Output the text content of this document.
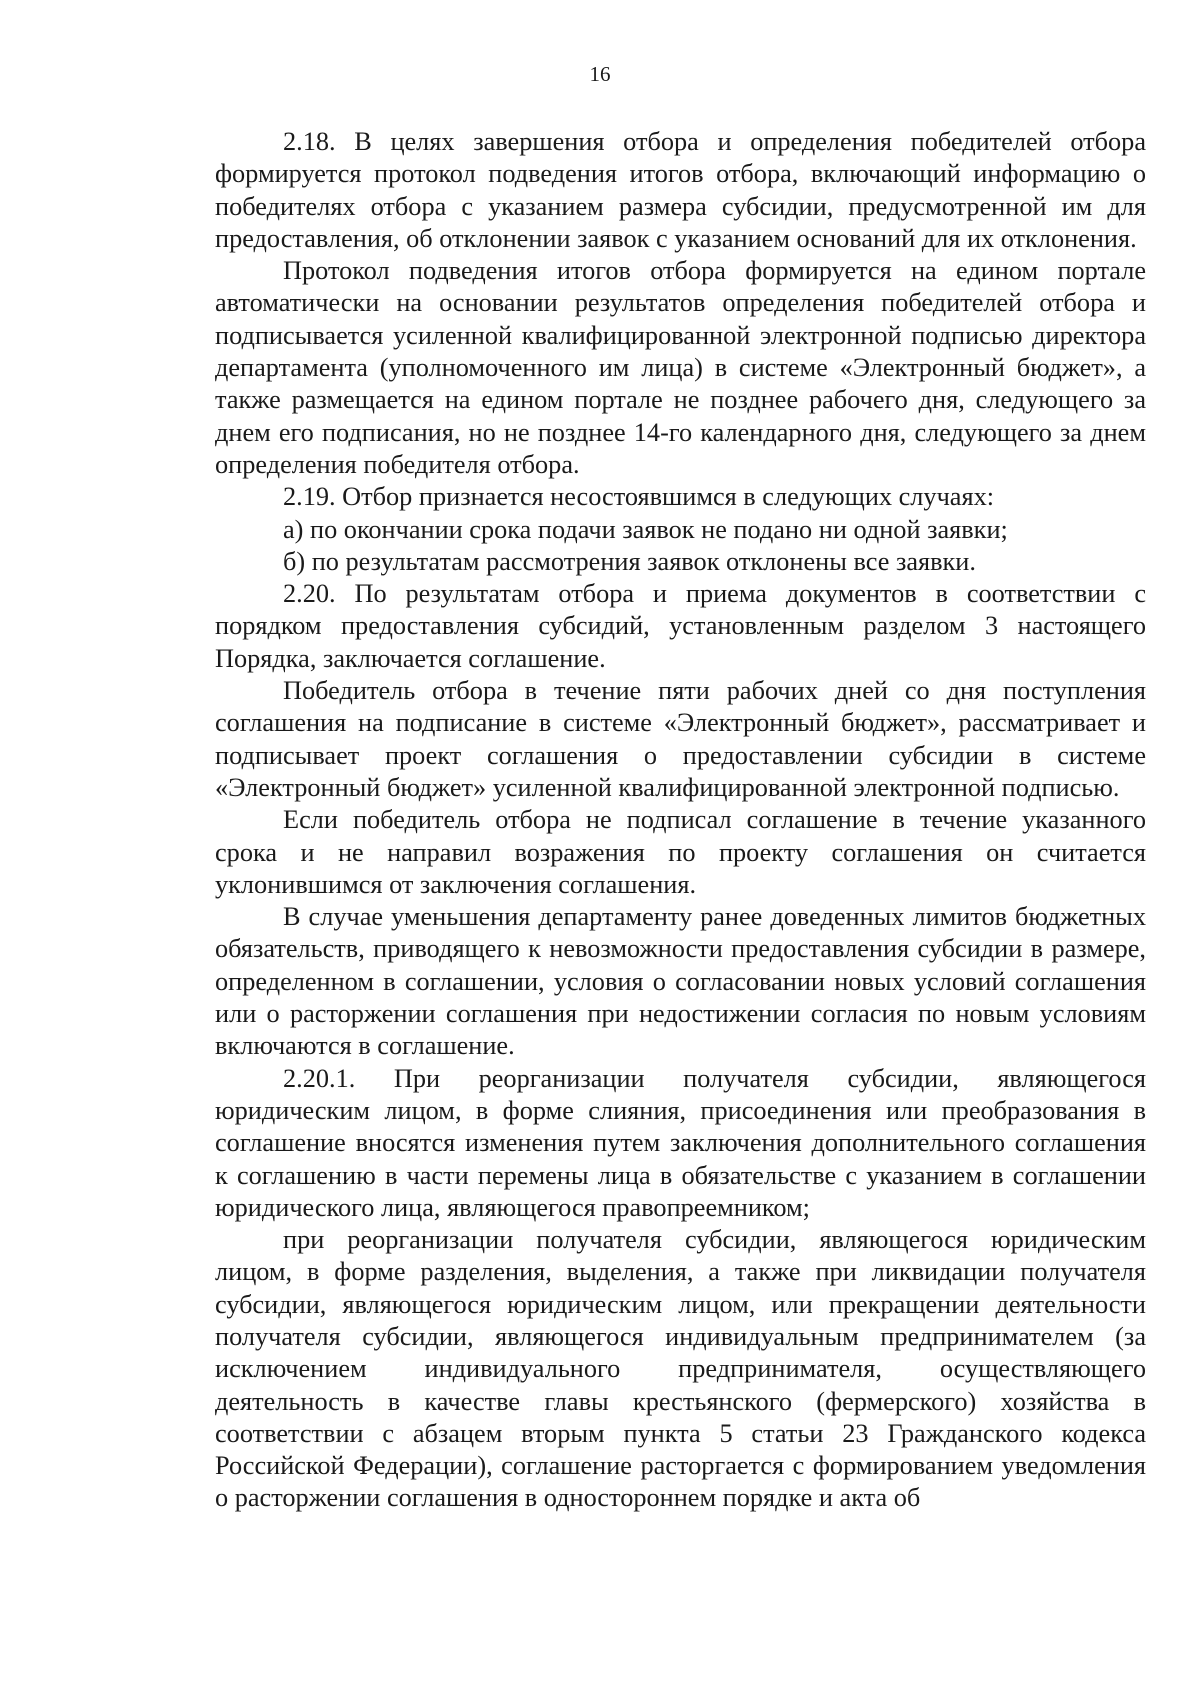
16

2.18. В целях завершения отбора и определения победителей отбора формируется протокол подведения итогов отбора, включающий информацию о победителях отбора с указанием размера субсидии, предусмотренной им для предоставления, об отклонении заявок с указанием оснований для их отклонения.

Протокол подведения итогов отбора формируется на едином портале автоматически на основании результатов определения победителей отбора и подписывается усиленной квалифицированной электронной подписью директора департамента (уполномоченного им лица) в системе «Электронный бюджет», а также размещается на едином портале не позднее рабочего дня, следующего за днем его подписания, но не позднее 14-го календарного дня, следующего за днем определения победителя отбора.

2.19. Отбор признается несостоявшимся в следующих случаях:

а) по окончании срока подачи заявок не подано ни одной заявки;

б) по результатам рассмотрения заявок отклонены все заявки.

2.20. По результатам отбора и приема документов в соответствии с порядком предоставления субсидий, установленным разделом 3 настоящего Порядка, заключается соглашение.

Победитель отбора в течение пяти рабочих дней со дня поступления соглашения на подписание в системе «Электронный бюджет», рассматривает и подписывает проект соглашения о предоставлении субсидии в системе «Электронный бюджет» усиленной квалифицированной электронной подписью.

Если победитель отбора не подписал соглашение в течение указанного срока и не направил возражения по проекту соглашения он считается уклонившимся от заключения соглашения.

В случае уменьшения департаменту ранее доведенных лимитов бюджетных обязательств, приводящего к невозможности предоставления субсидии в размере, определенном в соглашении, условия о согласовании новых условий соглашения или о расторжении соглашения при недостижении согласия по новым условиям включаются в соглашение.

2.20.1. При реорганизации получателя субсидии, являющегося юридическим лицом, в форме слияния, присоединения или преобразования в соглашение вносятся изменения путем заключения дополнительного соглашения к соглашению в части перемены лица в обязательстве с указанием в соглашении юридического лица, являющегося правопреемником;

при реорганизации получателя субсидии, являющегося юридическим лицом, в форме разделения, выделения, а также при ликвидации получателя субсидии, являющегося юридическим лицом, или прекращении деятельности получателя субсидии, являющегося индивидуальным предпринимателем (за исключением индивидуального предпринимателя, осуществляющего деятельность в качестве главы крестьянского (фермерского) хозяйства в соответствии с абзацем вторым пункта 5 статьи 23 Гражданского кодекса Российской Федерации), соглашение расторгается с формированием уведомления о расторжении соглашения в одностороннем порядке и акта об
